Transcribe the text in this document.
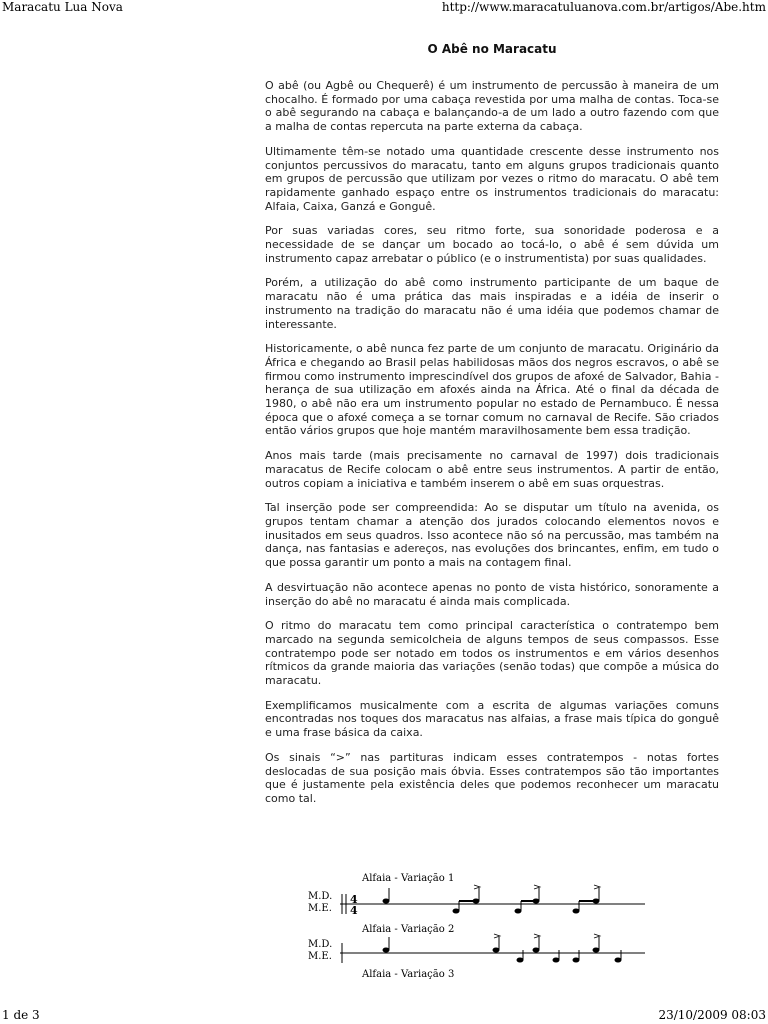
Maracatu Lua Nova	http://www.maracatuluanova.com.br/artigos/Abe.htm
O Abê no Maracatu

O abê (ou Agbê ou Chequerê) é um instrumento de percussão à maneira de um chocalho. É formado por uma cabaça revestida por uma malha de contas. Toca-se o abê segurando na cabaça e balançando-a de um lado a outro fazendo com que a malha de contas repercuta na parte externa da cabaça.

Ultimamente têm-se notado uma quantidade crescente desse instrumento nos conjuntos percussivos do maracatu, tanto em alguns grupos tradicionais quanto em grupos de percussão que utilizam por vezes o ritmo do maracatu. O abê tem rapidamente ganhado espaço entre os instrumentos tradicionais do maracatu: Alfaia, Caixa, Ganzá e Gonguê.

Por suas variadas cores, seu ritmo forte, sua sonoridade poderosa e a necessidade de se dançar um bocado ao tocá-lo, o abê é sem dúvida um instrumento capaz arrebatar o público (e o instrumentista) por suas qualidades.

Porém, a utilização do abê como instrumento participante de um baque de maracatu não é uma prática das mais inspiradas e a idéia de inserir o instrumento na tradição do maracatu não é uma idéia que podemos chamar de interessante.

Historicamente, o abê nunca fez parte de um conjunto de maracatu. Originário da África e chegando ao Brasil pelas habilidosas mãos dos negros escravos, o abê se firmou como instrumento imprescindível dos grupos de afoxé de Salvador, Bahia - herança de sua utilização em afoxés ainda na África. Até o final da década de 1980, o abê não era um instrumento popular no estado de Pernambuco. É nessa época que o afoxé começa a se tornar comum no carnaval de Recife. São criados então vários grupos que hoje mantém maravilhosamente bem essa tradição.

Anos mais tarde (mais precisamente no carnaval de 1997) dois tradicionais maracatus de Recife colocam o abê entre seus instrumentos. A partir de então, outros copiam a iniciativa e também inserem o abê em suas orquestras.

Tal inserção pode ser compreendida: Ao se disputar um título na avenida, os grupos tentam chamar a atenção dos jurados colocando elementos novos e inusitados em seus quadros. Isso acontece não só na percussão, mas também na dança, nas fantasias e adereços, nas evoluções dos brincantes, enfim, em tudo o que possa garantir um ponto a mais na contagem final.

A desvirtuação não acontece apenas no ponto de vista histórico, sonoramente a inserção do abê no maracatu é ainda mais complicada.

O ritmo do maracatu tem como principal característica o contratempo bem marcado na segunda semicolcheia de alguns tempos de seus compassos. Esse contratempo pode ser notado em todos os instrumentos e em vários desenhos rítmicos da grande maioria das variações (senão todas) que compõe a música do maracatu.

Exemplificamos musicalmente com a escrita de algumas variações comuns encontradas nos toques dos maracatus nas alfaias, a frase mais típica do gonguê e uma frase básica da caixa.

Os sinais “>” nas partituras indicam esses contratempos - notas fortes deslocadas de sua posição mais óbvia. Esses contratempos são tão importantes que é justamente pela existência deles que podemos reconhecer um maracatu como tal.

Alfaia - Variação 1
M.D.
M.E.
4
4
Alfaia - Variação 2
M.D.
M.E.
Alfaia - Variação 3
1 de 3	23/10/2009 08:03
